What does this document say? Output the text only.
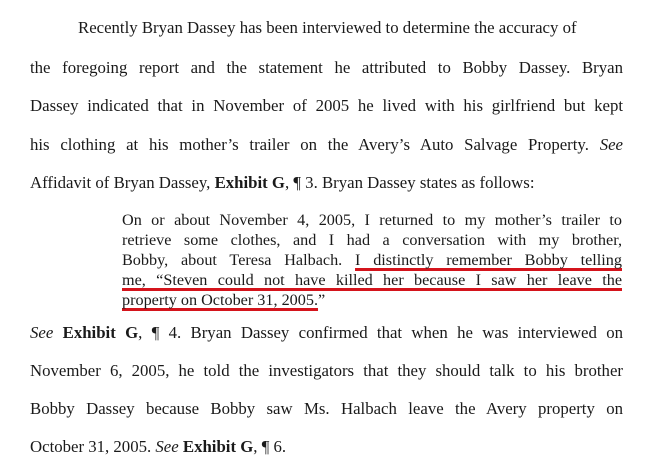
Recently Bryan Dassey has been interviewed to determine the accuracy of
the foregoing report and the statement he attributed to Bobby Dassey. Bryan
Dassey indicated that in November of 2005 he lived with his girlfriend but kept
his clothing at his mother’s trailer on the Avery’s Auto Salvage Property. See
Affidavit of Bryan Dassey, Exhibit G, ¶ 3. Bryan Dassey states as follows:
On or about November 4, 2005, I returned to my mother’s trailer to
retrieve some clothes, and I had a conversation with my brother,
Bobby, about Teresa Halbach. I distinctly remember Bobby telling
me, “Steven could not have killed her because I saw her leave the
property on October 31, 2005.”
See Exhibit G, ¶ 4. Bryan Dassey confirmed that when he was interviewed on
November 6, 2005, he told the investigators that they should talk to his brother
Bobby Dassey because Bobby saw Ms. Halbach leave the Avery property on
October 31, 2005. See Exhibit G, ¶ 6.
